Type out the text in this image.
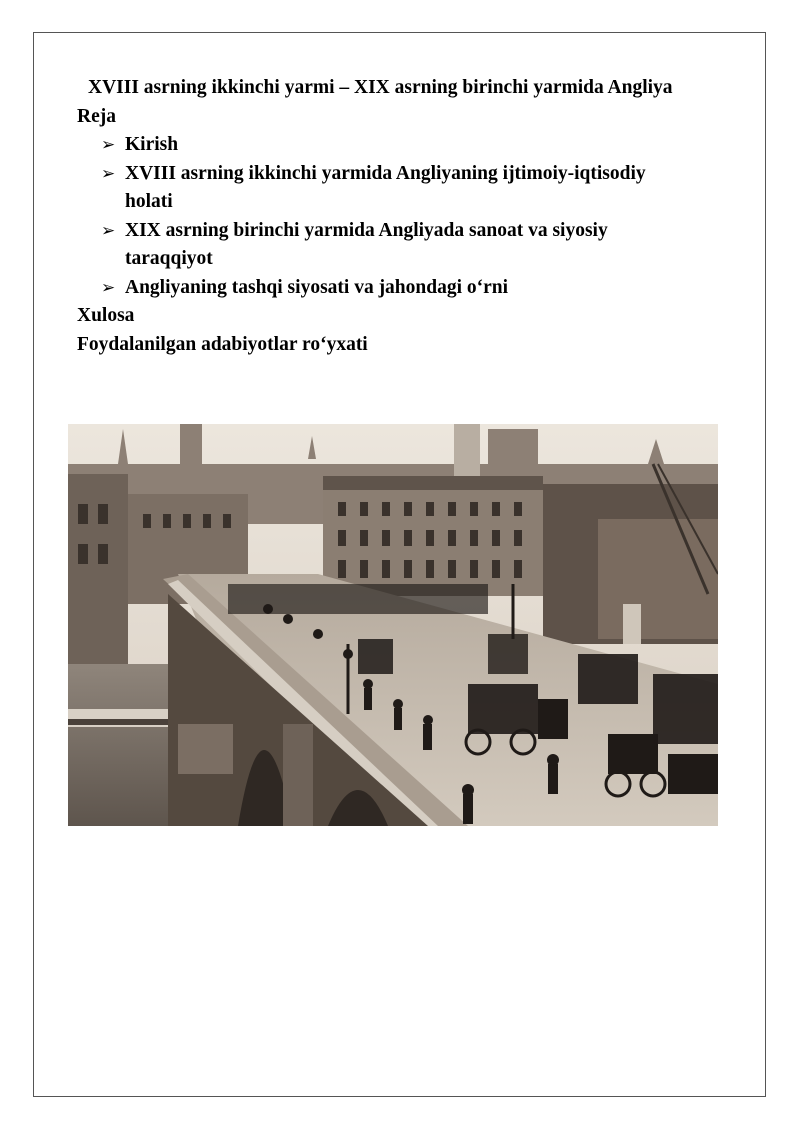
XVIII asrning ikkinchi yarmi – XIX asrning birinchi yarmida Angliya
Reja
➢ Kirish
➢ XVIII asrning ikkinchi yarmida Angliyaning ijtimoiy-iqtisodiy
holati
➢ XIX asrning birinchi yarmida Angliyada sanoat va siyosiy
taraqqiyot
➢ Angliyaning tashqi siyosati va jahondagi o‘rni
Xulosa
Foydalanilgan adabiyotlar ro‘yxati
